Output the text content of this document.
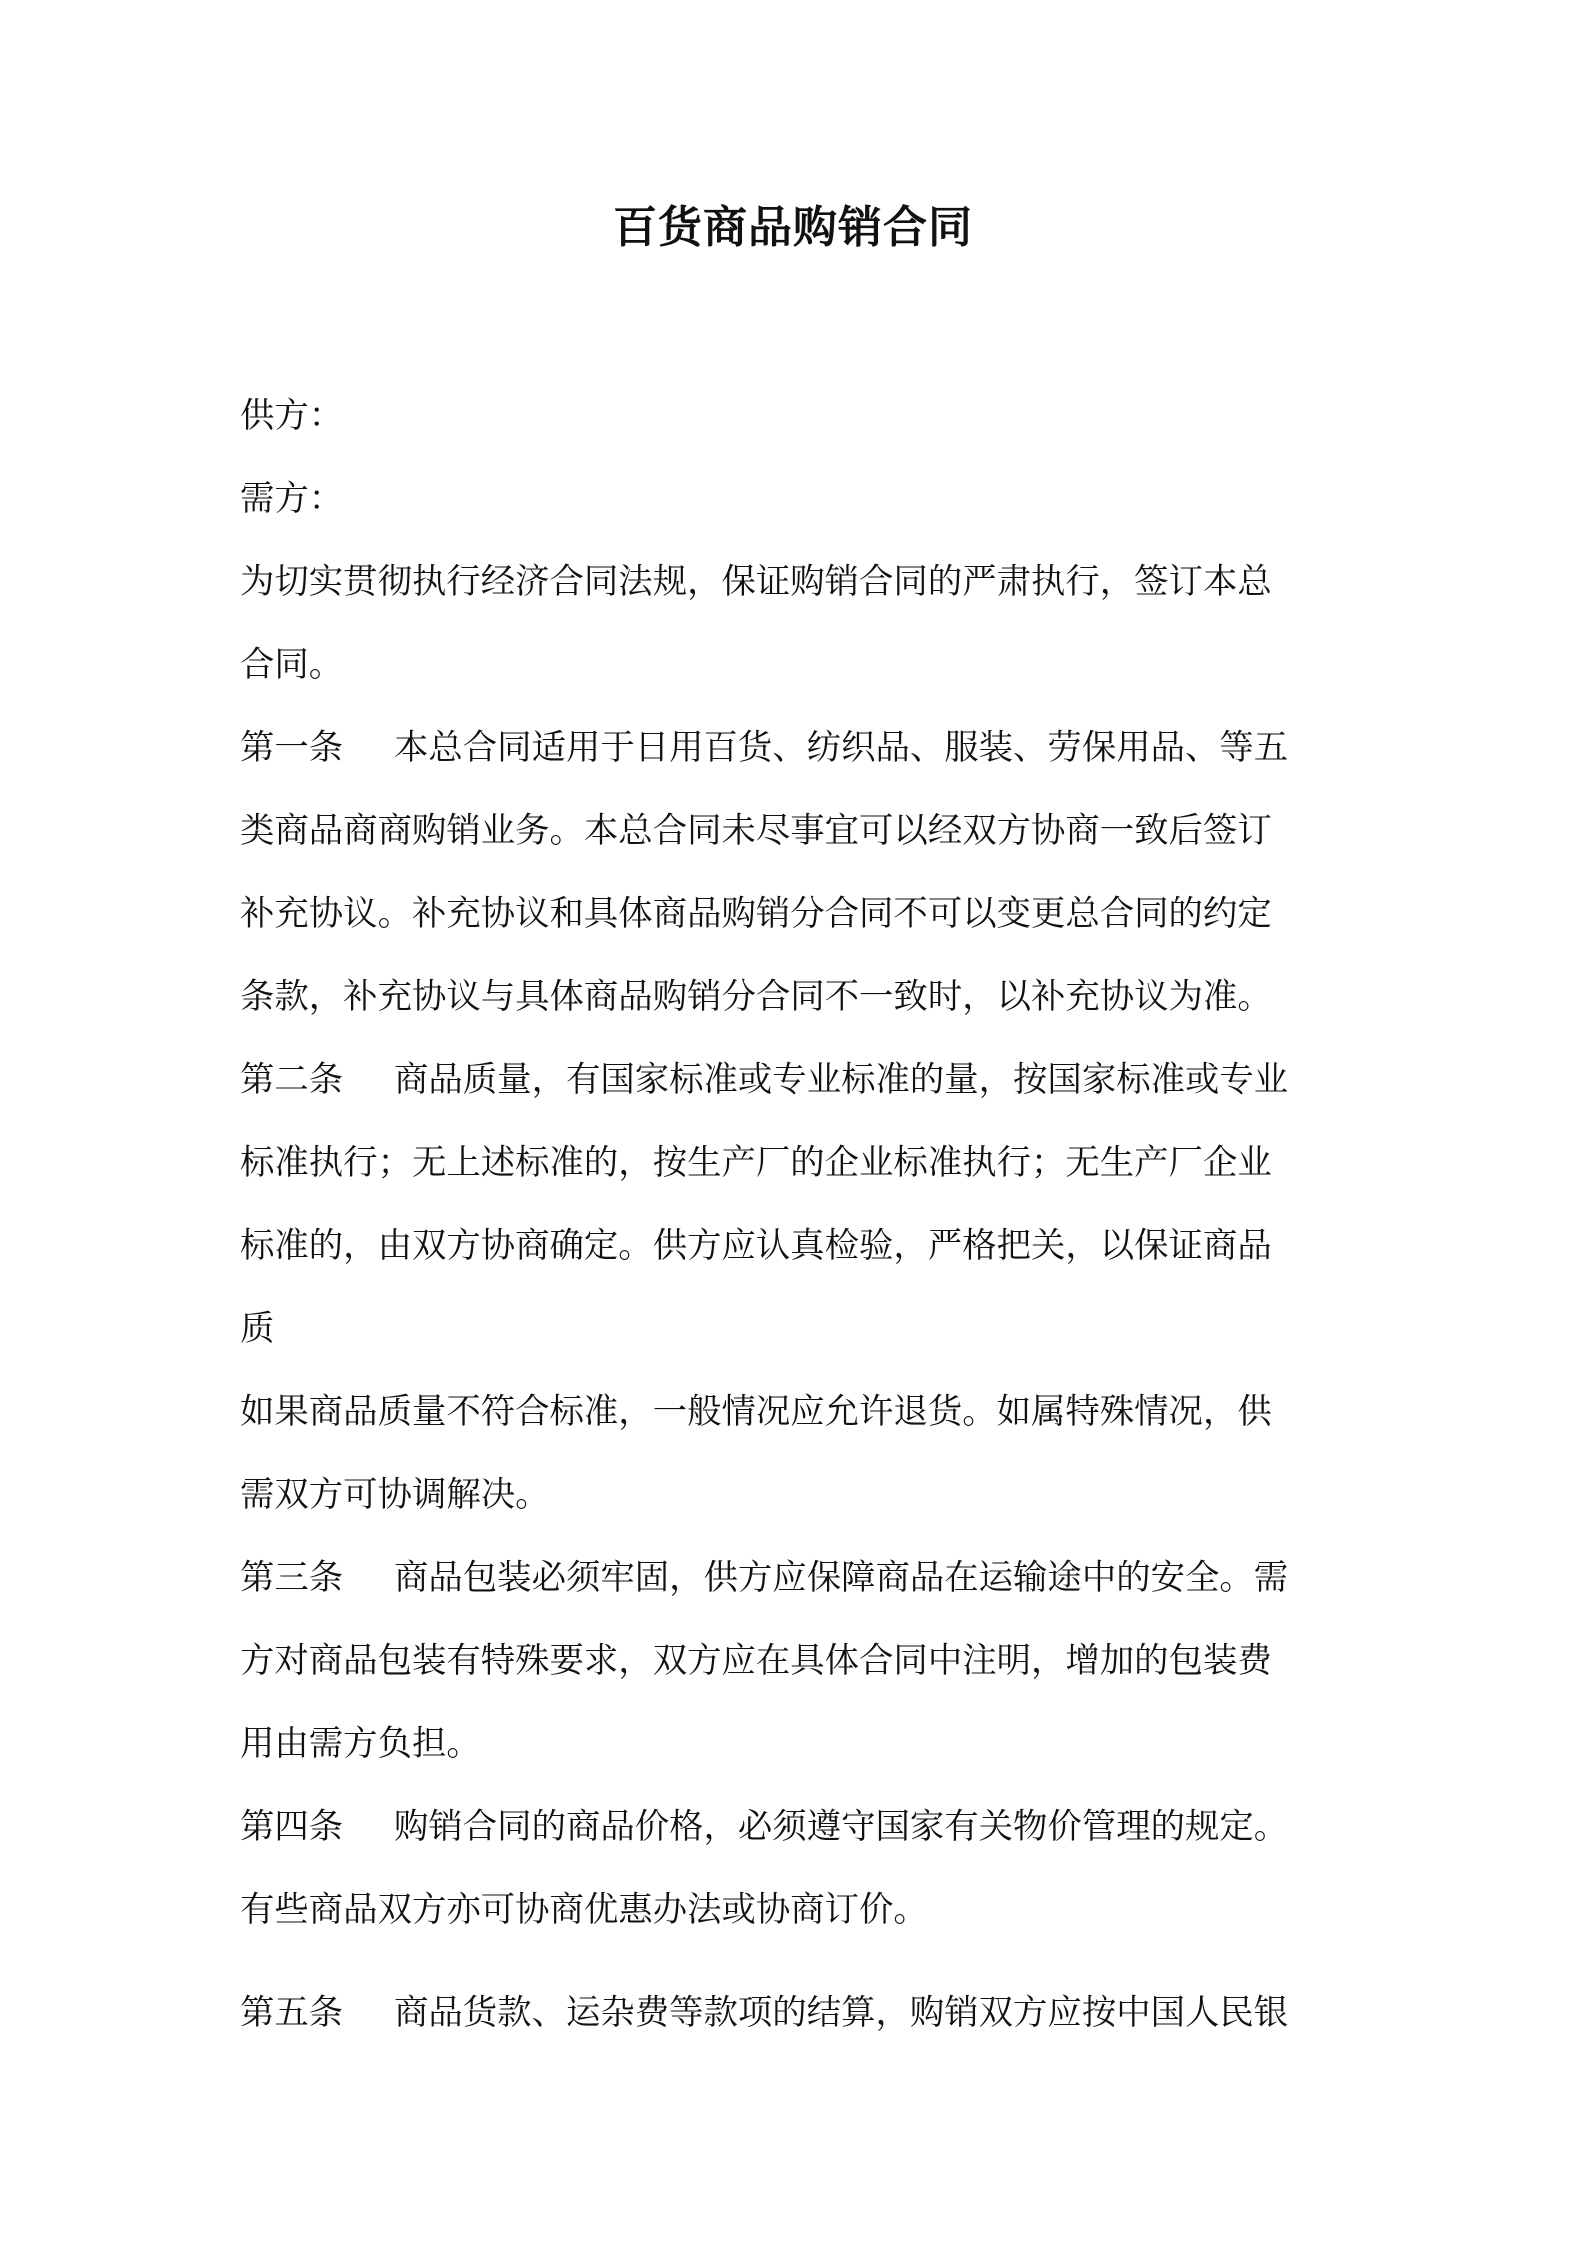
百货商品购销合同
供方：
需方：
为切实贯彻执行经济合同法规，保证购销合同的严肃执行，签订本总
合同。
第一条 本总合同适用于日用百货、纺织品、服装、劳保用品、等五
类商品商商购销业务。本总合同未尽事宜可以经双方协商一致后签订
补充协议。补充协议和具体商品购销分合同不可以变更总合同的约定
条款，补充协议与具体商品购销分合同不一致时，以补充协议为准。
第二条 商品质量，有国家标准或专业标准的量，按国家标准或专业
标准执行；无上述标准的，按生产厂的企业标准执行；无生产厂企业
标准的，由双方协商确定。供方应认真检验，严格把关，以保证商品
质
如果商品质量不符合标准，一般情况应允许退货。如属特殊情况，供
需双方可协调解决。
第三条 商品包装必须牢固，供方应保障商品在运输途中的安全。需
方对商品包装有特殊要求，双方应在具体合同中注明，增加的包装费
用由需方负担。
第四条 购销合同的商品价格，必须遵守国家有关物价管理的规定。
有些商品双方亦可协商优惠办法或协商订价。
第五条 商品货款、运杂费等款项的结算，购销双方应按中国人民银
